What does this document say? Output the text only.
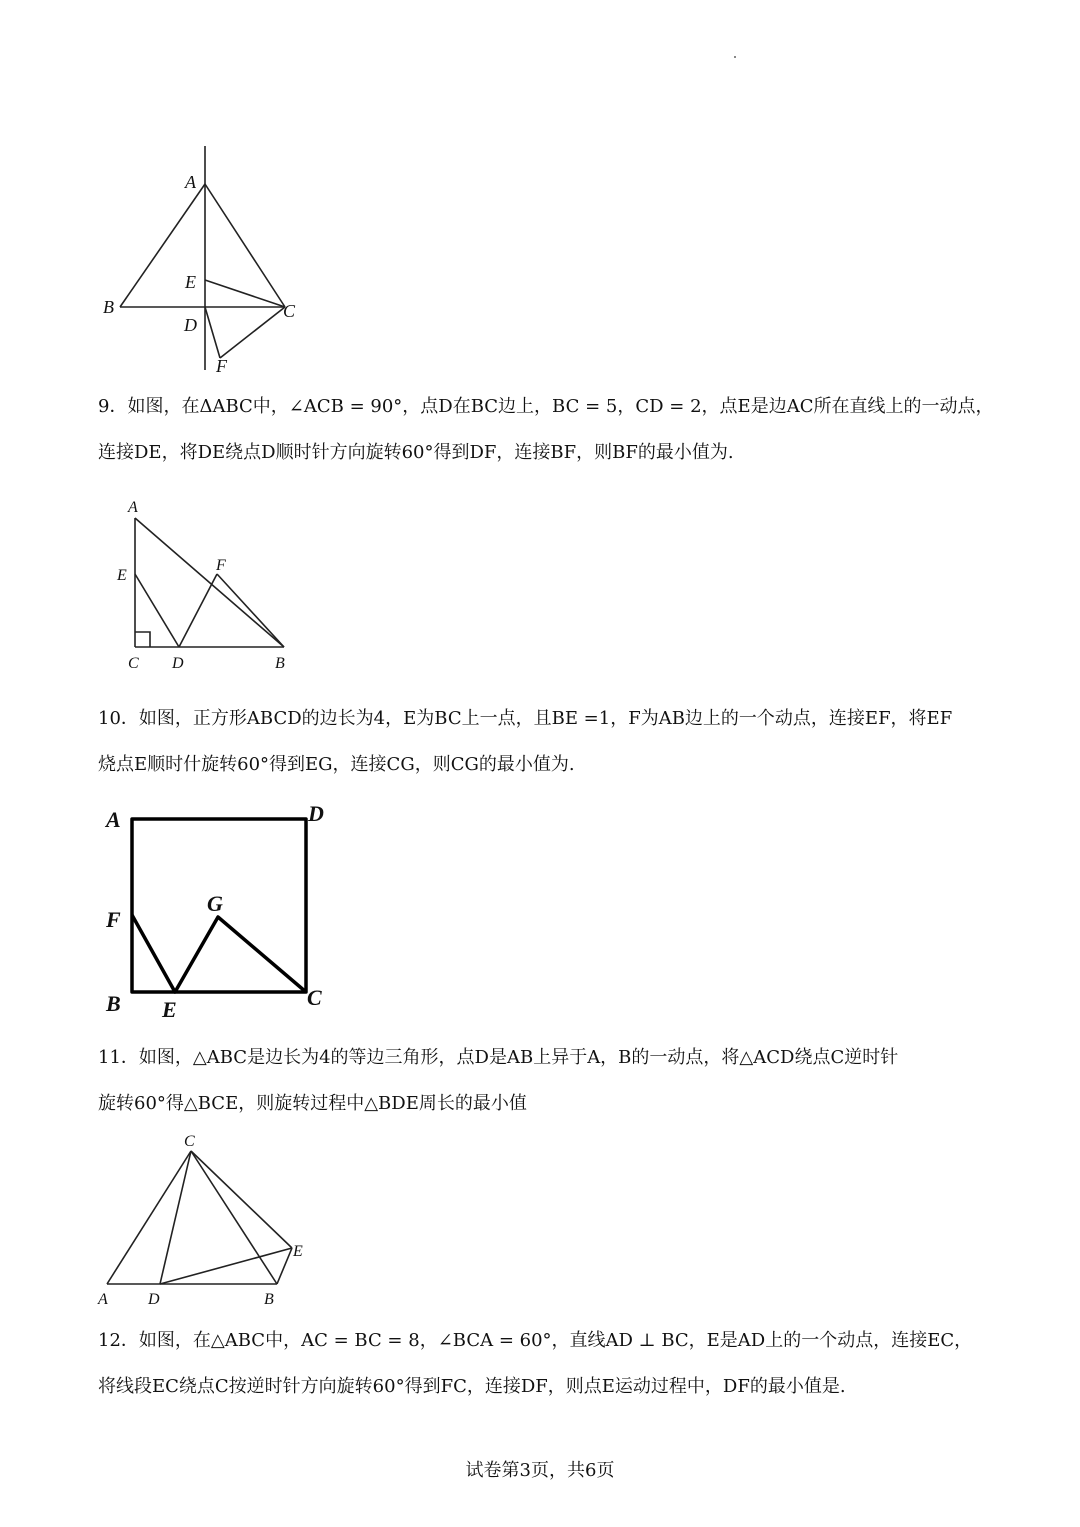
A
E
B
D
C
F
9．如图，在ΔABC中，∠ACB = 90°，点D在BC边上，BC = 5，CD = 2，点E是边AC所在直线上的一动点，
连接DE，将DE绕点D顺时针方向旋转60°得到DF，连接BF，则BF的最小值为.
A
E
F
C D	B
10．如图，正方形ABCD的边长为4，E为BC上一点，且BE =1，F为AB边上的一个动点，连接EF，将EF
烧点E顺时什旋转60°得到EG，连接CG，则CG的最小值为.
A	D
F
G
B E	C
11．如图，△ABC是边长为4的等边三角形，点D是AB上异于A，B的一动点，将△ACD绕点C逆时针
旋转60°得△BCE，则旋转过程中△BDE周长的最小值
C
E
A	D	B
12．如图，在△ABC中，AC = BC = 8，∠BCA = 60°，直线AD ⊥ BC，E是AD上的一个动点，连接EC，
将线段EC绕点C按逆时针方向旋转60°得到FC，连接DF，则点E运动过程中，DF的最小值是.
试卷第3页，共6页
